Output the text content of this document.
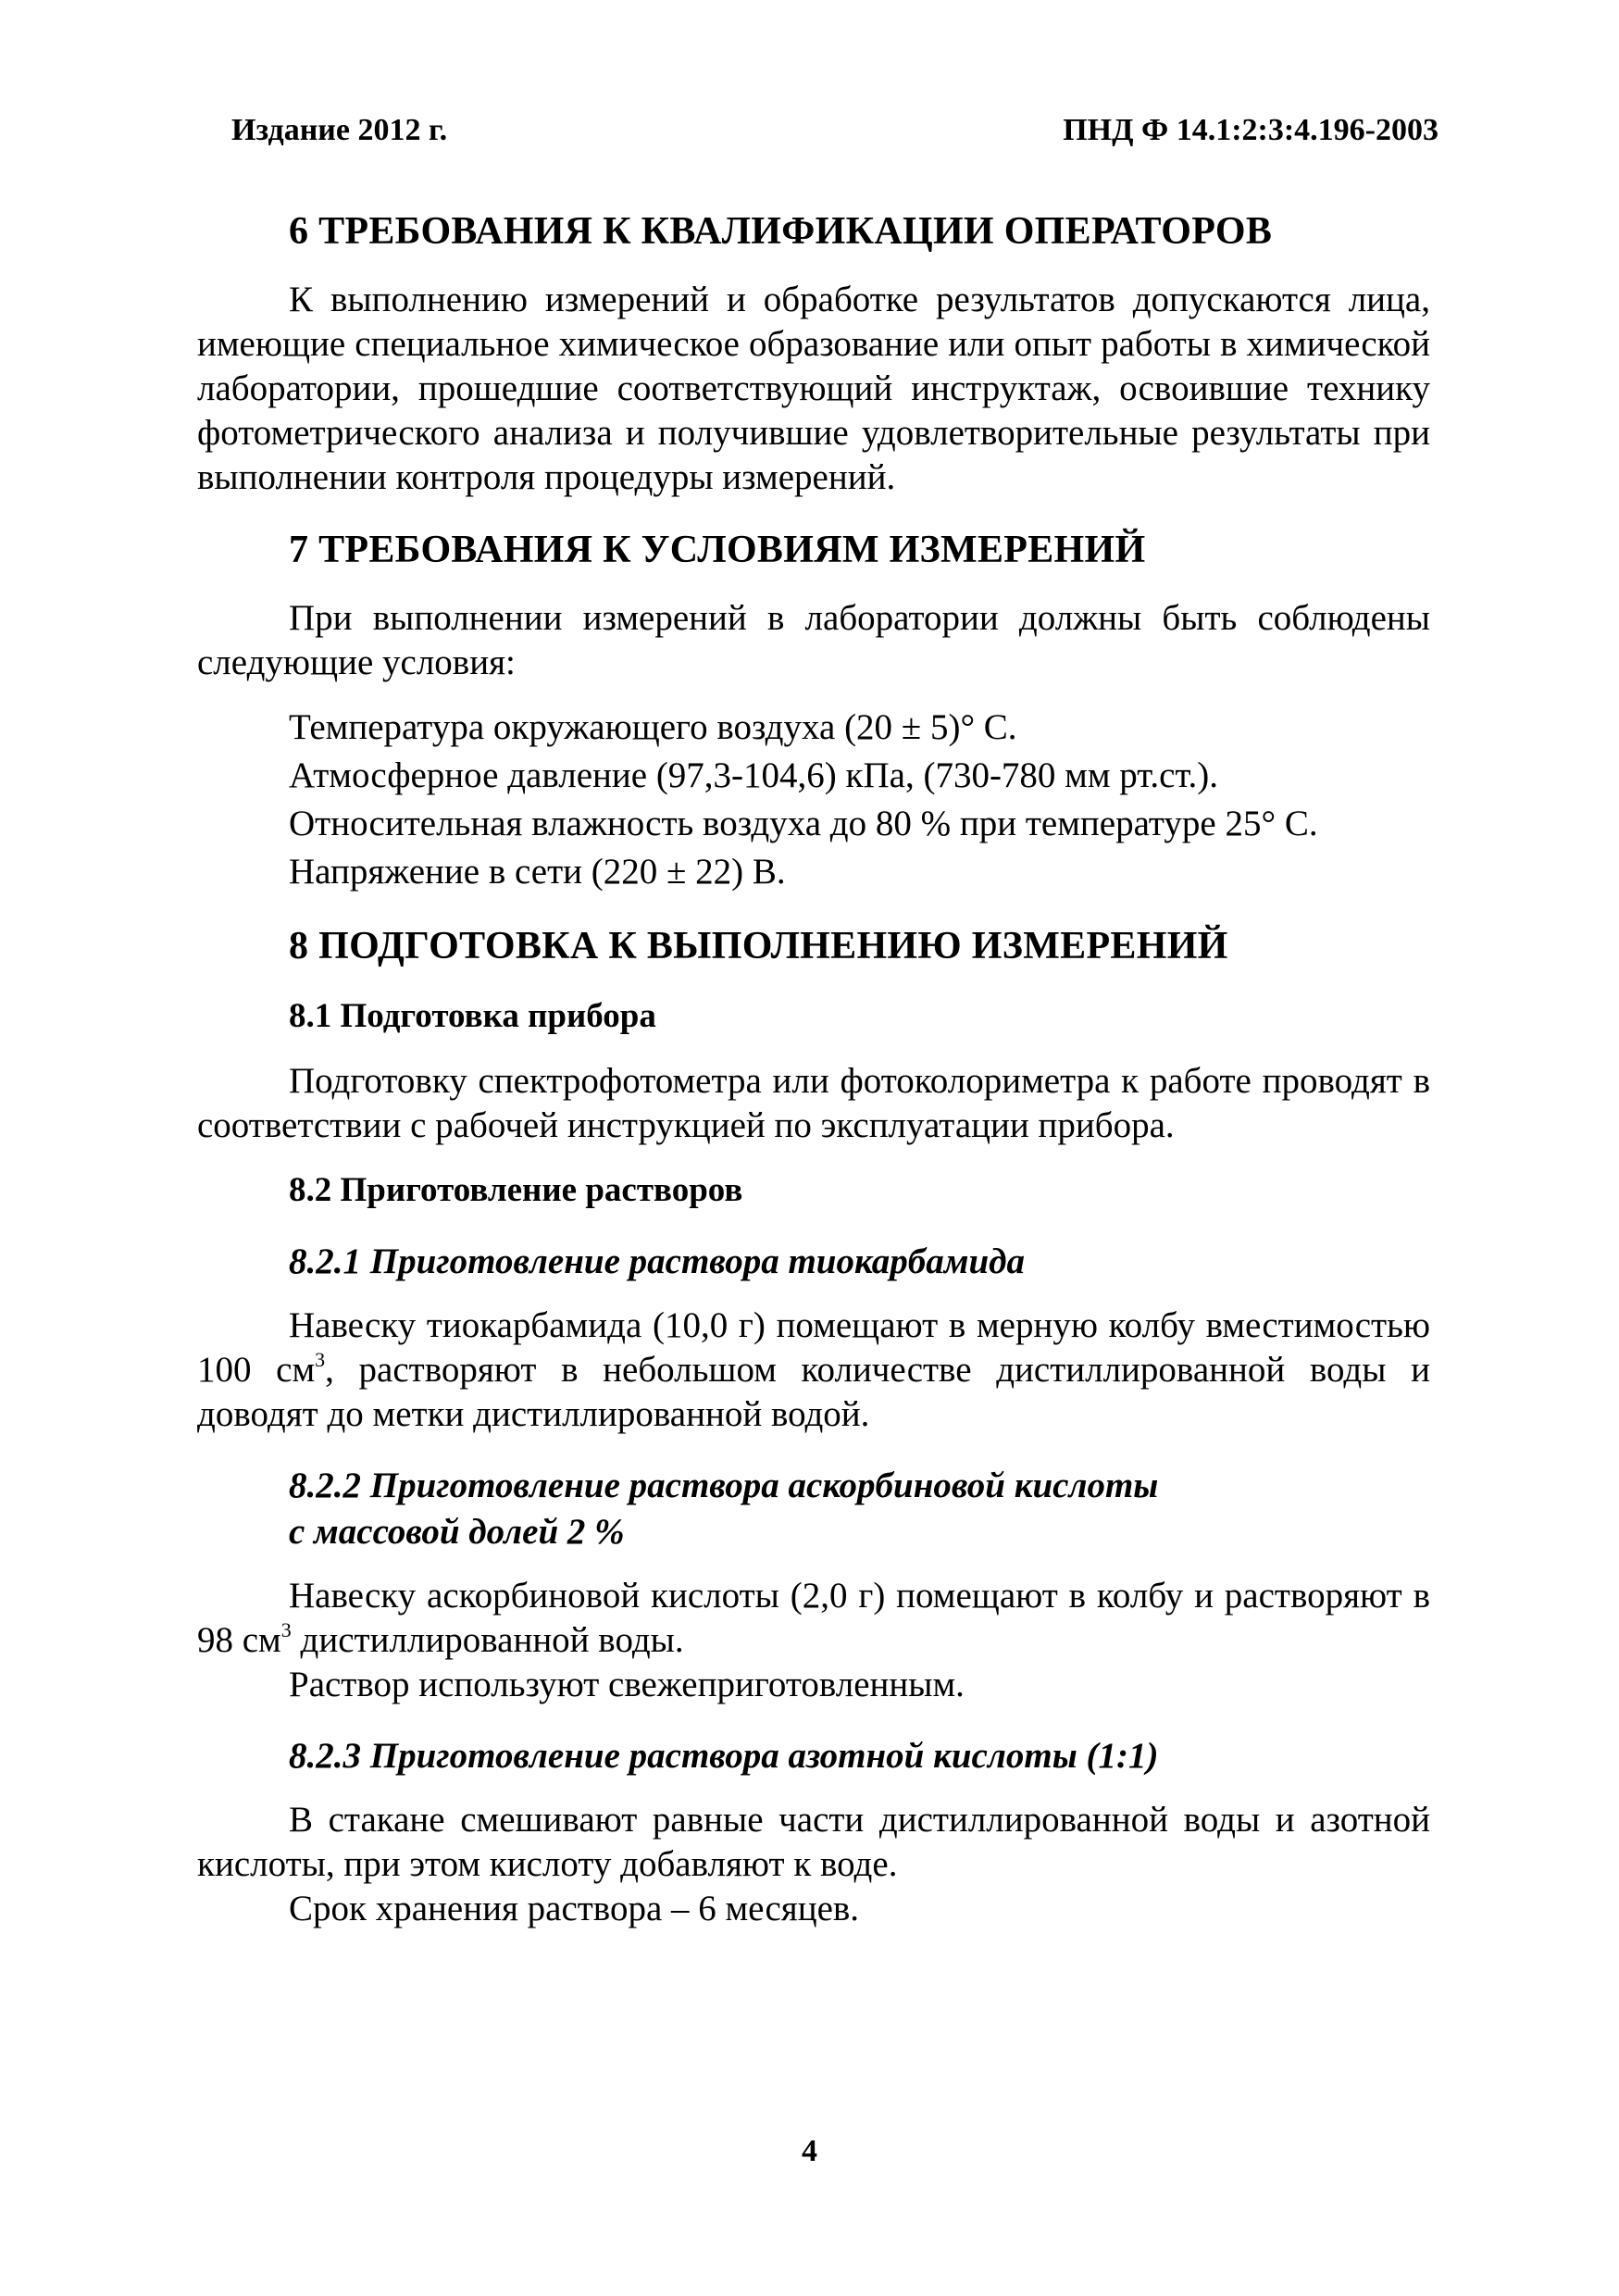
Издание 2012 г.	ПНД Ф 14.1:2:3:4.196-2003
6 ТРЕБОВАНИЯ К КВАЛИФИКАЦИИ ОПЕРАТОРОВ

К выполнению измерений и обработке результатов допускаются лица, имеющие специальное химическое образование или опыт работы в химической лаборатории, прошедшие соответствующий инструктаж, освоившие технику фотометрического анализа и получившие удовлетворительные результаты при выполнении контроля процедуры измерений.

7 ТРЕБОВАНИЯ К УСЛОВИЯМ ИЗМЕРЕНИЙ

При выполнении измерений в лаборатории должны быть соблюдены следующие условия:

Температура окружающего воздуха (20 ± 5)° С.
Атмосферное давление (97,3-104,6) кПа, (730-780 мм рт.ст.).
Относительная влажность воздуха до 80 % при температуре 25° С.
Напряжение в сети (220 ± 22) В.
8 ПОДГОТОВКА К ВЫПОЛНЕНИЮ ИЗМЕРЕНИЙ
8.1 Подготовка прибора

Подготовку спектрофотометра или фотоколориметра к работе проводят в соответствии с рабочей инструкцией по эксплуатации прибора.

8.2 Приготовление растворов
8.2.1 Приготовление раствора тиокарбамида

Навеску тиокарбамида (10,0 г) помещают в мерную колбу вместимостью 100 $см^3$, растворяют в небольшом количестве дистиллированной воды и доводят до метки дистиллированной водой.

8.2.2 Приготовление раствора аскорбиновой кислоты
с массовой долей 2 %

Навеску аскорбиновой кислоты (2,0 г) помещают в колбу и растворяют в 98 $см^3$ дистиллированной воды.

Раствор используют свежеприготовленным.
8.2.3 Приготовление раствора азотной кислоты (1:1)

В стакане смешивают равные части дистиллированной воды и азотной кислоты, при этом кислоту добавляют к воде.

Срок хранения раствора – 6 месяцев.
4
